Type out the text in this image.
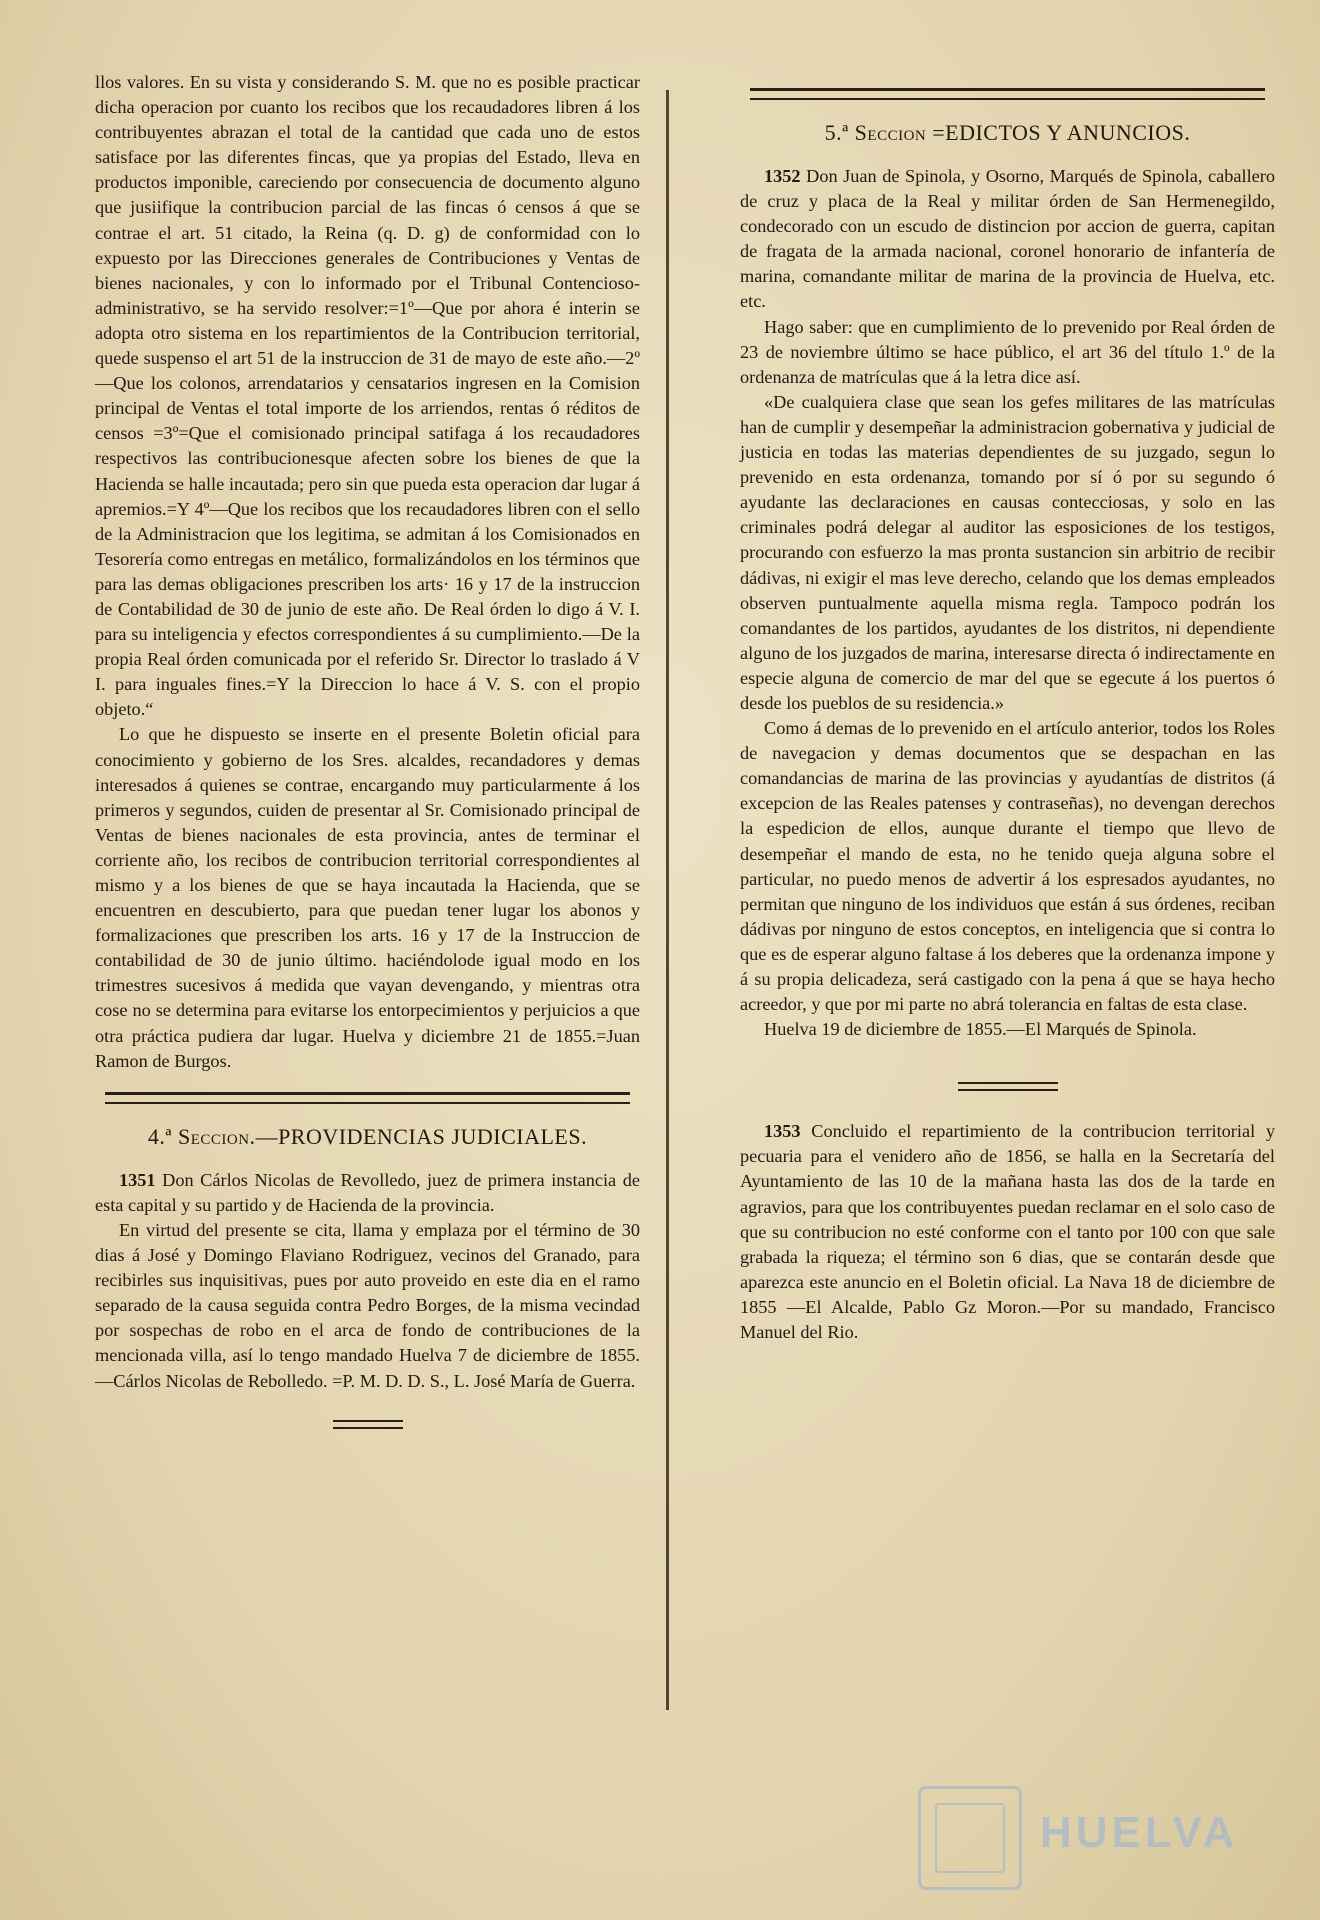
llos valores. En su vista y considerando S. M. que no es posible practicar dicha operacion por cuanto los recibos que los recaudadores libren á los contribuyentes abrazan el total de la cantidad que cada uno de estos satisface por las diferentes fincas, que ya propias del Estado, lleva en productos imponible, careciendo por consecuencia de documento alguno que jusiifique la contribucion parcial de las fincas ó censos á que se contrae el art. 51 citado, la Reina (q. D. g) de conformidad con lo expuesto por las Direcciones generales de Contribuciones y Ventas de bienes nacionales, y con lo informado por el Tribunal Contencioso-administrativo, se ha servido resolver:=1º—Que por ahora é interin se adopta otro sistema en los repartimientos de la Contribucion territorial, quede suspenso el art 51 de la instruccion de 31 de mayo de este año.—2º—Que los colonos, arrendatarios y censatarios ingresen en la Comision principal de Ventas el total importe de los arriendos, rentas ó réditos de censos =3º=Que el comisionado principal satifaga á los recaudadores respectivos las contribucionesque afecten sobre los bienes de que la Hacienda se halle incautada; pero sin que pueda esta operacion dar lugar á apremios.=Y 4º—Que los recibos que los recaudadores libren con el sello de la Administracion que los legitima, se admitan á los Comisionados en Tesorería como entregas en metálico, formalizándolos en los términos que para las demas obligaciones prescriben los arts· 16 y 17 de la instruccion de Contabilidad de 30 de junio de este año. De Real órden lo digo á V. I. para su inteligencia y efectos correspondientes á su cumplimiento.—De la propia Real órden comunicada por el referido Sr. Director lo traslado á V I. para inguales fines.=Y la Direccion lo hace á V. S. con el propio objeto.“

Lo que he dispuesto se inserte en el presente Boletin oficial para conocimiento y gobierno de los Sres. alcaldes, recandadores y demas interesados á quienes se contrae, encargando muy particularmente á los primeros y segundos, cuiden de presentar al Sr. Comisionado principal de Ventas de bienes nacionales de esta provincia, antes de terminar el corriente año, los recibos de contribucion territorial correspondientes al mismo y a los bienes de que se haya incautada la Hacienda, que se encuentren en descubierto, para que puedan tener lugar los abonos y formalizaciones que prescriben los arts. 16 y 17 de la Instruccion de contabilidad de 30 de junio último. haciéndolode igual modo en los trimestres sucesivos á medida que vayan devengando, y mientras otra cose no se determina para evitarse los entorpecimientos y perjuicios a que otra práctica pudiera dar lugar. Huelva y diciembre 21 de 1855.=Juan Ramon de Burgos.

4.ª Seccion.—PROVIDENCIAS JUDICIALES.

1351 Don Cárlos Nicolas de Revolledo, juez de primera instancia de esta capital y su partido y de Hacienda de la provincia.

En virtud del presente se cita, llama y emplaza por el término de 30 dias á José y Domingo Flaviano Rodriguez, vecinos del Granado, para recibirles sus inquisitivas, pues por auto proveido en este dia en el ramo separado de la causa seguida contra Pedro Borges, de la misma vecindad por sospechas de robo en el arca de fondo de contribuciones de la mencionada villa, así lo tengo mandado Huelva 7 de diciembre de 1855.—Cárlos Nicolas de Rebolledo. =P. M. D. D. S., L. José María de Guerra.

5.ª Seccion =EDICTOS Y ANUNCIOS.

1352 Don Juan de Spinola, y Osorno, Marqués de Spinola, caballero de cruz y placa de la Real y militar órden de San Hermenegildo, condecorado con un escudo de distincion por accion de guerra, capitan de fragata de la armada nacional, coronel honorario de infantería de marina, comandante militar de marina de la provincia de Huelva, etc. etc.

Hago saber: que en cumplimiento de lo prevenido por Real órden de 23 de noviembre último se hace público, el art 36 del título 1.º de la ordenanza de matrículas que á la letra dice así.

«De cualquiera clase que sean los gefes militares de las matrículas han de cumplir y desempeñar la administracion gobernativa y judicial de justicia en todas las materias dependientes de su juzgado, segun lo prevenido en esta ordenanza, tomando por sí ó por su segundo ó ayudante las declaraciones en causas contecciosas, y solo en las criminales podrá delegar al auditor las esposiciones de los testigos, procurando con esfuerzo la mas pronta sustancion sin arbitrio de recibir dádivas, ni exigir el mas leve derecho, celando que los demas empleados observen puntualmente aquella misma regla. Tampoco podrán los comandantes de los partidos, ayudantes de los distritos, ni dependiente alguno de los juzgados de marina, interesarse directa ó indirectamente en especie alguna de comercio de mar del que se egecute á los puertos ó desde los pueblos de su residencia.»

Como á demas de lo prevenido en el artículo anterior, todos los Roles de navegacion y demas documentos que se despachan en las comandancias de marina de las provincias y ayudantías de distritos (á excepcion de las Reales patenses y contraseñas), no devengan derechos la espedicion de ellos, aunque durante el tiempo que llevo de desempeñar el mando de esta, no he tenido queja alguna sobre el particular, no puedo menos de advertir á los espresados ayudantes, no permitan que ninguno de los individuos que están á sus órdenes, reciban dádivas por ninguno de estos conceptos, en inteligencia que si contra lo que es de esperar alguno faltase á los deberes que la ordenanza impone y á su propia delicadeza, será castigado con la pena á que se haya hecho acreedor, y que por mi parte no abrá tolerancia en faltas de esta clase.

Huelva 19 de diciembre de 1855.—El Marqués de Spinola.

1353 Concluido el repartimiento de la contribucion territorial y pecuaria para el venidero año de 1856, se halla en la Secretaría del Ayuntamiento de las 10 de la mañana hasta las dos de la tarde en agravios, para que los contribuyentes puedan reclamar en el solo caso de que su contribucion no esté conforme con el tanto por 100 con que sale grabada la riqueza; el término son 6 dias, que se contarán desde que aparezca este anuncio en el Boletin oficial. La Nava 18 de diciembre de 1855 —El Alcalde, Pablo Gz Moron.—Por su mandado, Francisco Manuel del Rio.

HUELVA
